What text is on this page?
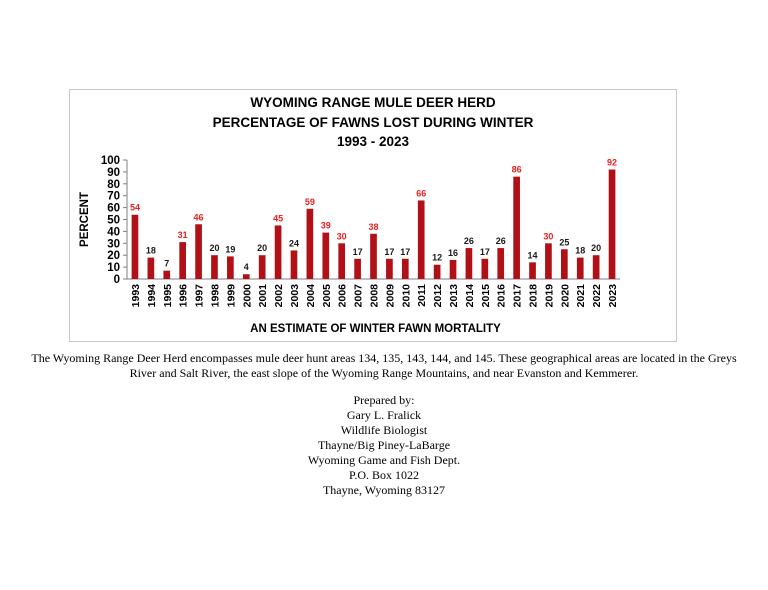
0
10
20
30
40
50
60
70
80
90
100
PERCENT	54
1993
18
1994
7
1995
31
1996
46
1997
20
1998
19
1999
4
2000
20
2001
45
2002
24
2003
59
2004
39
2005
30
2006
17
2007
38
2008
17
2009
17
2010
66
2011
12
2012
16
2013
26
2014
17
2015
26
2016
86
2017
14
2018
30
2019
25
2020
18
2021
20
2022
92
2023
AN ESTIMATE OF WINTER FAWN MORTALITY
WYOMING RANGE MULE DEER HERD
PERCENTAGE OF FAWNS LOST DURING WINTER
1993 - 2023
The Wyoming Range Deer Herd encompasses mule deer hunt areas 134, 135, 143, 144, and 145. These geographical areas are located in the Greys River and Salt River, the east slope of the Wyoming Range Mountains, and near Evanston and Kemmerer.
Prepared by:
Gary L. Fralick
Wildlife Biologist
Thayne/Big Piney-LaBarge
Wyoming Game and Fish Dept.
P.O. Box 1022
Thayne, Wyoming 83127
